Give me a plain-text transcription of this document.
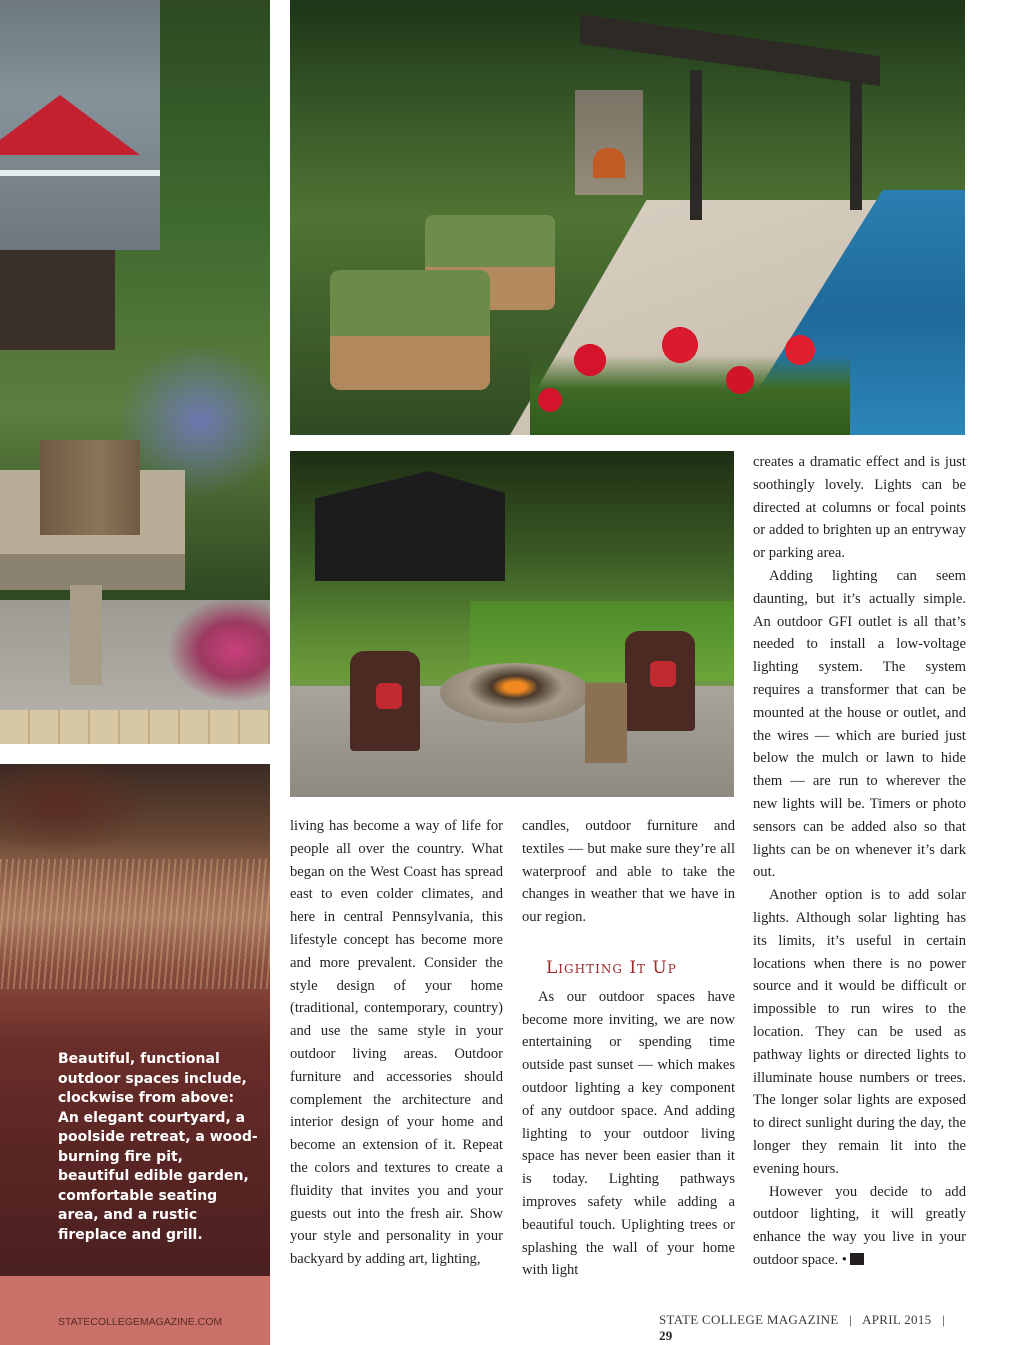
Beautiful, functional outdoor spaces include, clockwise from above: An elegant courtyard, a poolside retreat, a wood-burning fire pit, beautiful edible garden, comfortable seating area, and a rustic fireplace and grill.
STATECOLLEGEMAGAZINE.COM	STATE COLLEGE MAGAZINE | APRIL 2015 |   29

living has become a way of life for people all over the country. What began on the West Coast has spread east to even colder climates, and here in central Pennsylvania, this lifestyle concept has become more and more prevalent. Consider the style design of your home (traditional, contemporary, country) and use the same style in your outdoor living areas. Outdoor furniture and accessories should complement the architecture and interior design of your home and become an extension of it. Repeat the colors and textures to create a fluidity that invites you and your guests out into the fresh air. Show your style and personality in your backyard by adding art, lighting,

candles, outdoor furniture and textiles — but make sure they’re all waterproof and able to take the changes in weather that we have in our region.

Lighting It Up

As our outdoor spaces have become more inviting, we are now entertaining or spending time outside past sunset — which makes outdoor lighting a key component of any outdoor space. And adding lighting to your outdoor living space has never been easier than it is today. Lighting pathways improves safety while adding a beautiful touch. Uplighting trees or splashing the wall of your home with light

creates a dramatic effect and is just soothingly lovely. Lights can be directed at columns or focal points or added to brighten up an entryway or parking area.

Adding lighting can seem daunting, but it’s actually simple. An outdoor GFI outlet is all that’s needed to install a low-voltage lighting system. The system requires a transformer that can be mounted at the house or outlet, and the wires — which are buried just below the mulch or lawn to hide them — are run to wherever the new lights will be. Timers or photo sensors can be added also so that lights can be on whenever it’s dark out.

Another option is to add solar lights. Although solar lighting has its limits, it’s useful in certain locations when there is no power source and it would be difficult or impossible to run wires to the location. They can be used as pathway lights or directed lights to illuminate house numbers or trees. The longer solar lights are exposed to direct sunlight during the day, the longer they remain lit into the evening hours.

However you decide to add outdoor lighting, it will greatly enhance the way you live in your outdoor space. •
